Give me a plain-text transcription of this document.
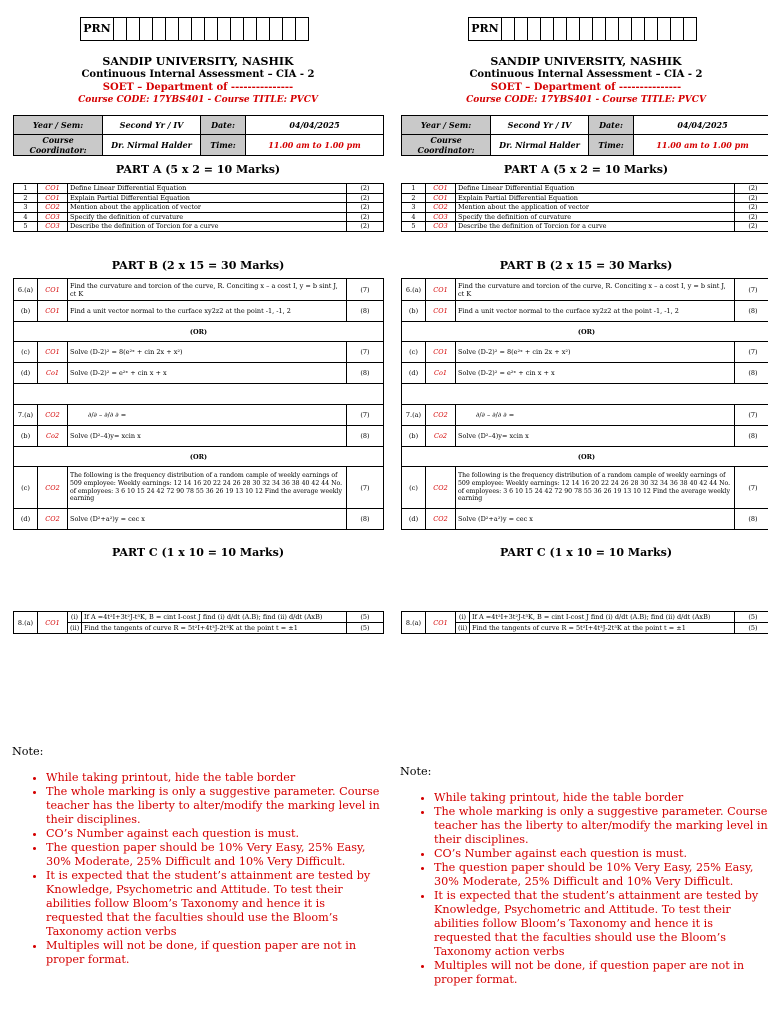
PRN
SANDIP UNIVERSITY, NASHIK
Continuous Internal Assessment – CIA - 2
SOET – Department of ---------------
Course CODE: 17YBS401 - Course TITLE: PVCV
Year / Sem:	Second Yr / IV	Date:	04/04/2025
Course Coordinator:	Dr. Nirmal Halder	Time:	11.00 am to 1.00 pm
PART A (5 x 2 = 10 Marks)
1	CO1	Define Linear Differential Equation	(2)
2	CO1	Explain Partial Differential Equation	(2)
3	CO2	Mention about the application of vector	(2)
4	CO3	Specify the definition of curvature	(2)
5	CO3	Describe the definition of Torcion for a curve	(2)
PART B (2 x 15 = 30 Marks)
6.(a)	CO1	Find the curvature and torcion of the curve, R. Conciting x – a cost I, y = b sint J, ct K	(7)
(b)	CO1	Find a unit vector normal to the curface xy2z2 at the point -1, -1, 2	(8)
(OR)			
(c)	CO1	Solve (D-2)² = 8(e²ˣ + cin 2x + x²)	(7)
(d)	Co1	Solve (D-2)² = e²ˣ + cin x + x	(8)

7.(a)	CO2	∂/∂ – ∂/∂ ∂ =	(7)
(b)	Co2	Solve (D²–4)y= xcin x	(8)
(OR)			
(c)	CO2	The following is the frequency distribution of a random cample of weekly earnings of 509 employee: Weekly earnings: 12 14 16 20 22 24 26 28 30 32 34 36 38 40 42 44 No. of employees: 3 6 10 15 24 42 72 90 78 55 36 26 19 13 10 12 Find the average weekly earning	(7)
(d)	CO2	Solve (D²+a²)y = cec x	(8)
PART C (1 x 10 = 10 Marks)
8.(a)	CO1	(i)	If A =4t²I+3t²J-t³K, B = cint I-cost J find (i) d/dt (A.B); find (ii) d/dt (AxB)	(5)
		(ii)	Find the tangents of curve R = 5t²I+4t³J-2t³K at the point t = ±1	(5)
Note:
• While taking printout, hide the table border
• The whole marking is only a suggestive parameter. Course teacher has the liberty to alter/modify the marking level in their disciplines.
• CO’s Number against each question is must.
• The question paper should be 10% Very Easy, 25% Easy, 30% Moderate, 25% Difficult and 10% Very Difficult.
• It is expected that the student’s attainment are tested by Knowledge, Psychometric and Attitude. To test their abilities follow Bloom’s Taxonomy and hence it is requested that the faculties should use the Bloom’s Taxonomy action verbs
• Multiples will not be done, if question paper are not in proper format.
PRN
SANDIP UNIVERSITY, NASHIK
Continuous Internal Assessment – CIA - 2
SOET – Department of ---------------
Course CODE: 17YBS401 - Course TITLE: PVCV
Year / Sem:	Second Yr / IV	Date:	04/04/2025
Course Coordinator:	Dr. Nirmal Halder	Time:	11.00 am to 1.00 pm
PART A (5 x 2 = 10 Marks)
1	CO1	Define Linear Differential Equation	(2)
2	CO1	Explain Partial Differential Equation	(2)
3	CO2	Mention about the application of vector	(2)
4	CO3	Specify the definition of curvature	(2)
5	CO3	Describe the definition of Torcion for a curve	(2)
PART B (2 x 15 = 30 Marks)
6.(a)	CO1	Find the curvature and torcion of the curve, R. Conciting x – a cost I, y = b sint J, ct K	(7)
(b)	CO1	Find a unit vector normal to the curface xy2z2 at the point -1, -1, 2	(8)
(OR)			
(c)	CO1	Solve (D-2)² = 8(e²ˣ + cin 2x + x²)	(7)
(d)	Co1	Solve (D-2)² = e²ˣ + cin x + x	(8)

7.(a)	CO2	∂/∂ – ∂/∂ ∂ =	(7)
(b)	Co2	Solve (D²–4)y= xcin x	(8)
(OR)			
(c)	CO2	The following is the frequency distribution of a random cample of weekly earnings of 509 employee: Weekly earnings: 12 14 16 20 22 24 26 28 30 32 34 36 38 40 42 44 No. of employees: 3 6 10 15 24 42 72 90 78 55 36 26 19 13 10 12 Find the average weekly earning	(7)
(d)	CO2	Solve (D²+a²)y = cec x	(8)
PART C (1 x 10 = 10 Marks)
8.(a)	CO1	(i)	If A =4t²I+3t²J-t³K, B = cint I-cost J find (i) d/dt (A.B); find (ii) d/dt (AxB)	(5)
		(ii)	Find the tangents of curve R = 5t²I+4t³J-2t³K at the point t = ±1	(5)
Note:
• While taking printout, hide the table border
• The whole marking is only a suggestive parameter. Course teacher has the liberty to alter/modify the marking level in their disciplines.
• CO’s Number against each question is must.
• The question paper should be 10% Very Easy, 25% Easy, 30% Moderate, 25% Difficult and 10% Very Difficult.
• It is expected that the student’s attainment are tested by Knowledge, Psychometric and Attitude. To test their abilities follow Bloom’s Taxonomy and hence it is requested that the faculties should use the Bloom’s Taxonomy action verbs
• Multiples will not be done, if question paper are not in proper format.
